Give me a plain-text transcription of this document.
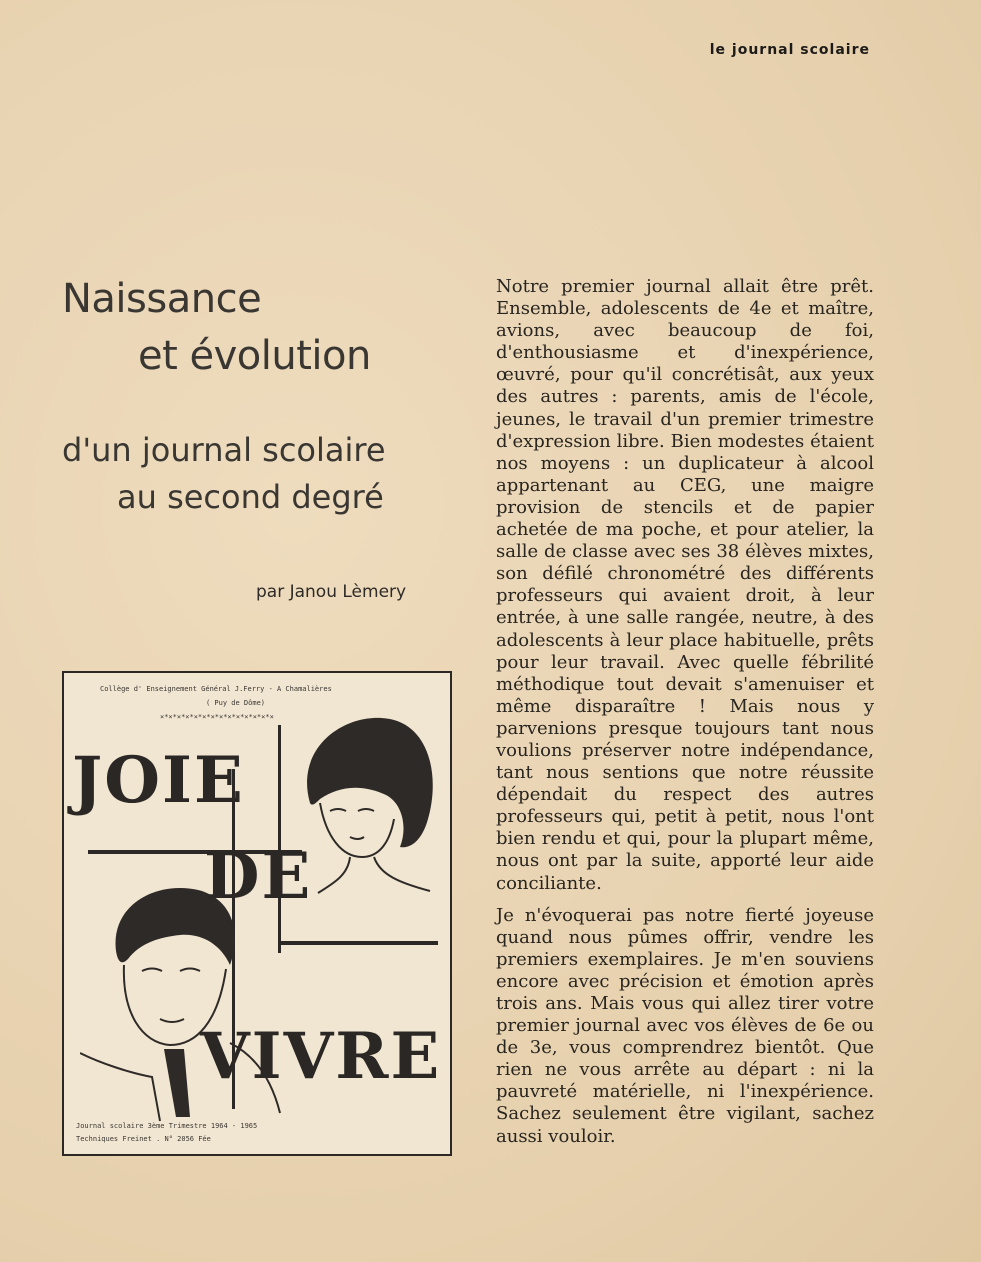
le journal scolaire
Naissance
et évolution
d'un journal scolaire
au second degré
par Janou Lèmery
Collège d' Enseignement Général J.Ferry - A Chamalières
( Puy de Dôme)
×*×*×*×*×*×*×*×*×*×*×*×*×*×
JOIE
DE
VIVRE
Journal scolaire 3ème Trimestre 1964 - 1965
Techniques Freinet . N° 2056 Fée

Notre premier journal allait être prêt. Ensemble, adolescents de 4e et maître, avions, avec beaucoup de foi, d'enthousiasme et d'inexpérience, œuvré, pour qu'il concrétisât, aux yeux des autres : parents, amis de l'école, jeunes, le travail d'un premier trimestre d'expression libre. Bien modestes étaient nos moyens : un duplicateur à alcool appartenant au CEG, une maigre provision de stencils et de papier achetée de ma poche, et pour atelier, la salle de classe avec ses 38 élèves mixtes, son défilé chronométré des différents professeurs qui avaient droit, à leur entrée, à une salle rangée, neutre, à des adolescents à leur place habituelle, prêts pour leur travail. Avec quelle fébrilité méthodique tout devait s'amenuiser et même disparaître ! Mais nous y parvenions presque toujours tant nous voulions préserver notre indépendance, tant nous sentions que notre réussite dépendait du respect des autres professeurs qui, petit à petit, nous l'ont bien rendu et qui, pour la plupart même, nous ont par la suite, apporté leur aide conciliante.

Je n'évoquerai pas notre fierté joyeuse quand nous pûmes offrir, vendre les premiers exemplaires. Je m'en souviens encore avec précision et émotion après trois ans. Mais vous qui allez tirer votre premier journal avec vos élèves de 6e ou de 3e, vous comprendrez bientôt. Que rien ne vous arrête au départ : ni la pauvreté matérielle, ni l'inexpérience. Sachez seulement être vigilant, sachez aussi vouloir.
